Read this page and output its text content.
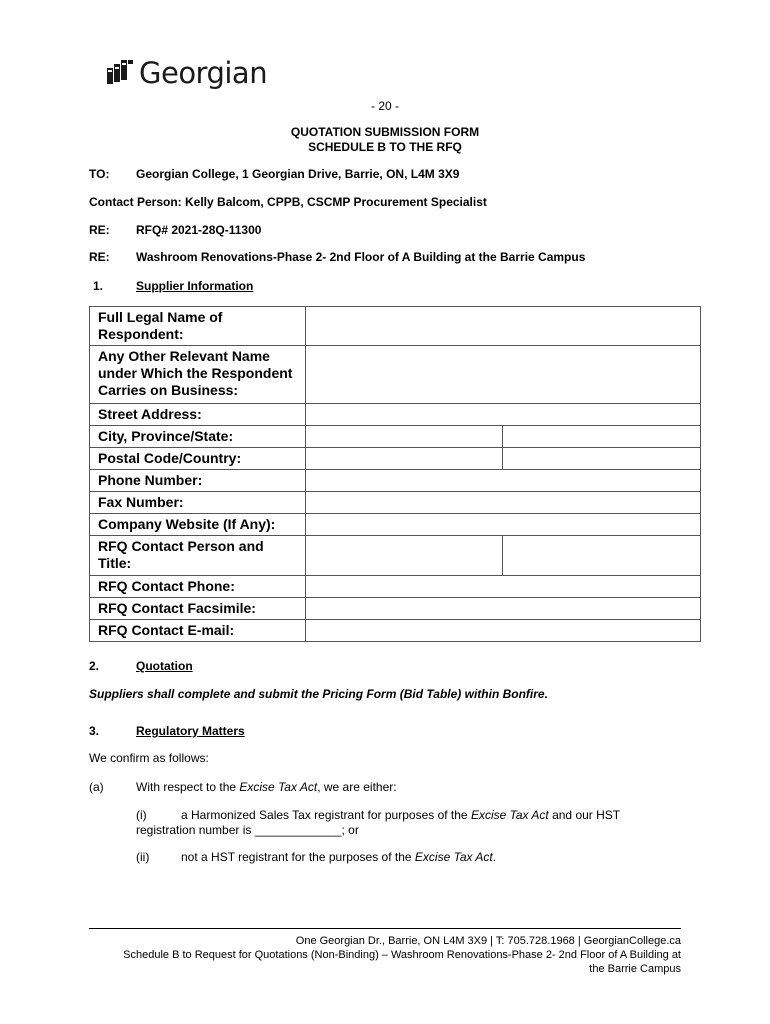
Georgian
- 20 -
QUOTATION SUBMISSION FORM
SCHEDULE B TO THE RFQ
TO: Georgian College, 1 Georgian Drive, Barrie, ON, L4M 3X9
Contact Person: Kelly Balcom, CPPB, CSCMP Procurement Specialist
RE: RFQ# 2021-28Q-11300
RE: Washroom Renovations-Phase 2- 2nd Floor of A Building at the Barrie Campus
1.	Supplier Information
Full Legal Name of Respondent:		
Any Other Relevant Name under Which the Respondent Carries on Business:		
Street Address:		
City, Province/State:		
Postal Code/Country:		
Phone Number:		
Fax Number:		
Company Website (If Any):		
RFQ Contact Person and Title:		
RFQ Contact Phone:		
RFQ Contact Facsimile:		
RFQ Contact E-mail:		
2.	Quotation
Suppliers shall complete and submit the Pricing Form (Bid Table) within Bonfire.
3.	Regulatory Matters
We confirm as follows:
(a)	With respect to the Excise Tax Act, we are either:
(i)	a Harmonized Sales Tax registrant for purposes of the Excise Tax Act and our HST
registration number is _____________; or
(ii)	not a HST registrant for the purposes of the Excise Tax Act.
One Georgian Dr., Barrie, ON L4M 3X9 | T: 705.728.1968 | GeorgianCollege.ca
Schedule B to Request for Quotations (Non-Binding) – Washroom Renovations-Phase 2- 2nd Floor of A Building at
the Barrie Campus
